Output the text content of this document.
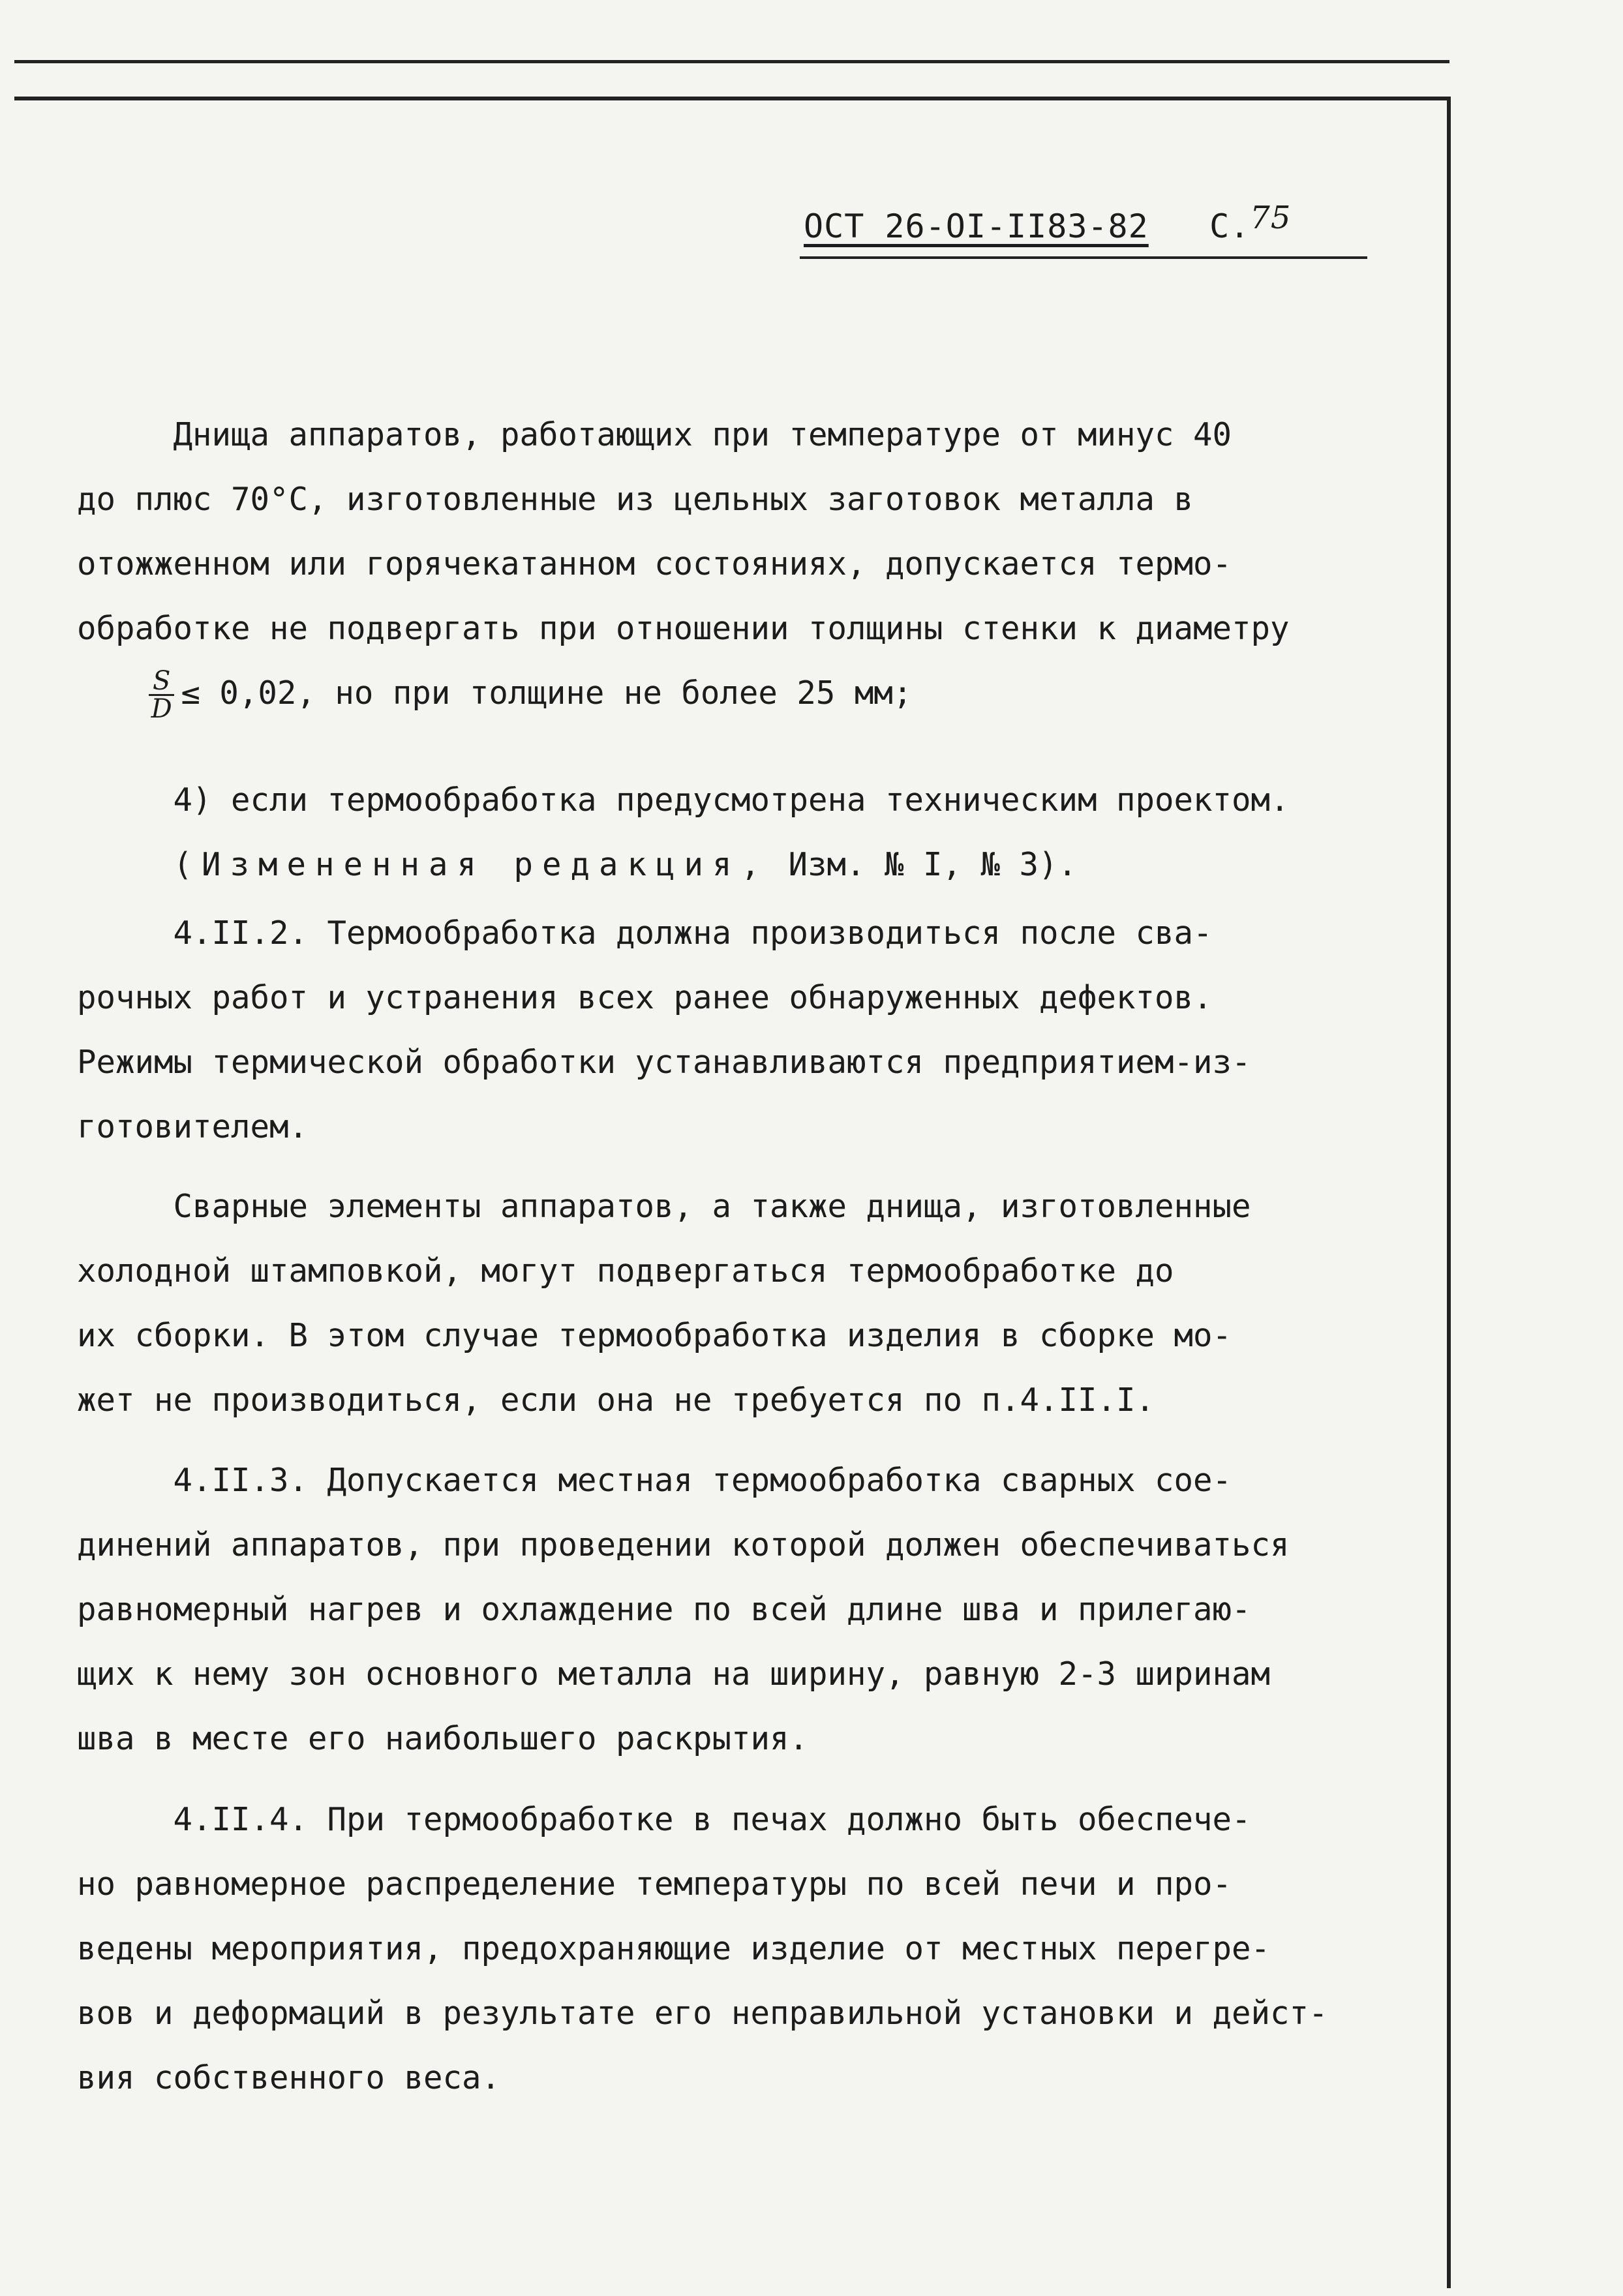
ОСТ 26-ОI-II83-82 С.75
Днища аппаратов, работающих при температуре от минус 40
до плюс 70°С, изготовленные из цельных заготовок металла в
отожженном или горячекатанном состояниях, допускается термо-
обработке не подвергать при отношении толщины стенки к диаметру
$\frac{S}{D} \le 0,02$, но при толщине не более 25 мм;
4) если термообработка предусмотрена техническим проектом.
(Измененная редакция, Изм. № I, № 3).
4.II.2. Термообработка должна производиться после сва-
рочных работ и устранения всех ранее обнаруженных дефектов.
Режимы термической обработки устанавливаются предприятием-из-
готовителем.
Сварные элементы аппаратов, а также днища, изготовленные
холодной штамповкой, могут подвергаться термообработке до
их сборки. В этом случае термообработка изделия в сборке мо-
жет не производиться, если она не требуется по п.4.II.I.
4.II.3. Допускается местная термообработка сварных сое-
динений аппаратов, при проведении которой должен обеспечиваться
равномерный нагрев и охлаждение по всей длине шва и прилегаю-
щих к нему зон основного металла на ширину, равную 2-3 ширинам
шва в месте его наибольшего раскрытия.
4.II.4. При термообработке в печах должно быть обеспече-
но равномерное распределение температуры по всей печи и про-
ведены мероприятия, предохраняющие изделие от местных перегре-
вов и деформаций в результате его неправильной установки и дейст-
вия собственного веса.
